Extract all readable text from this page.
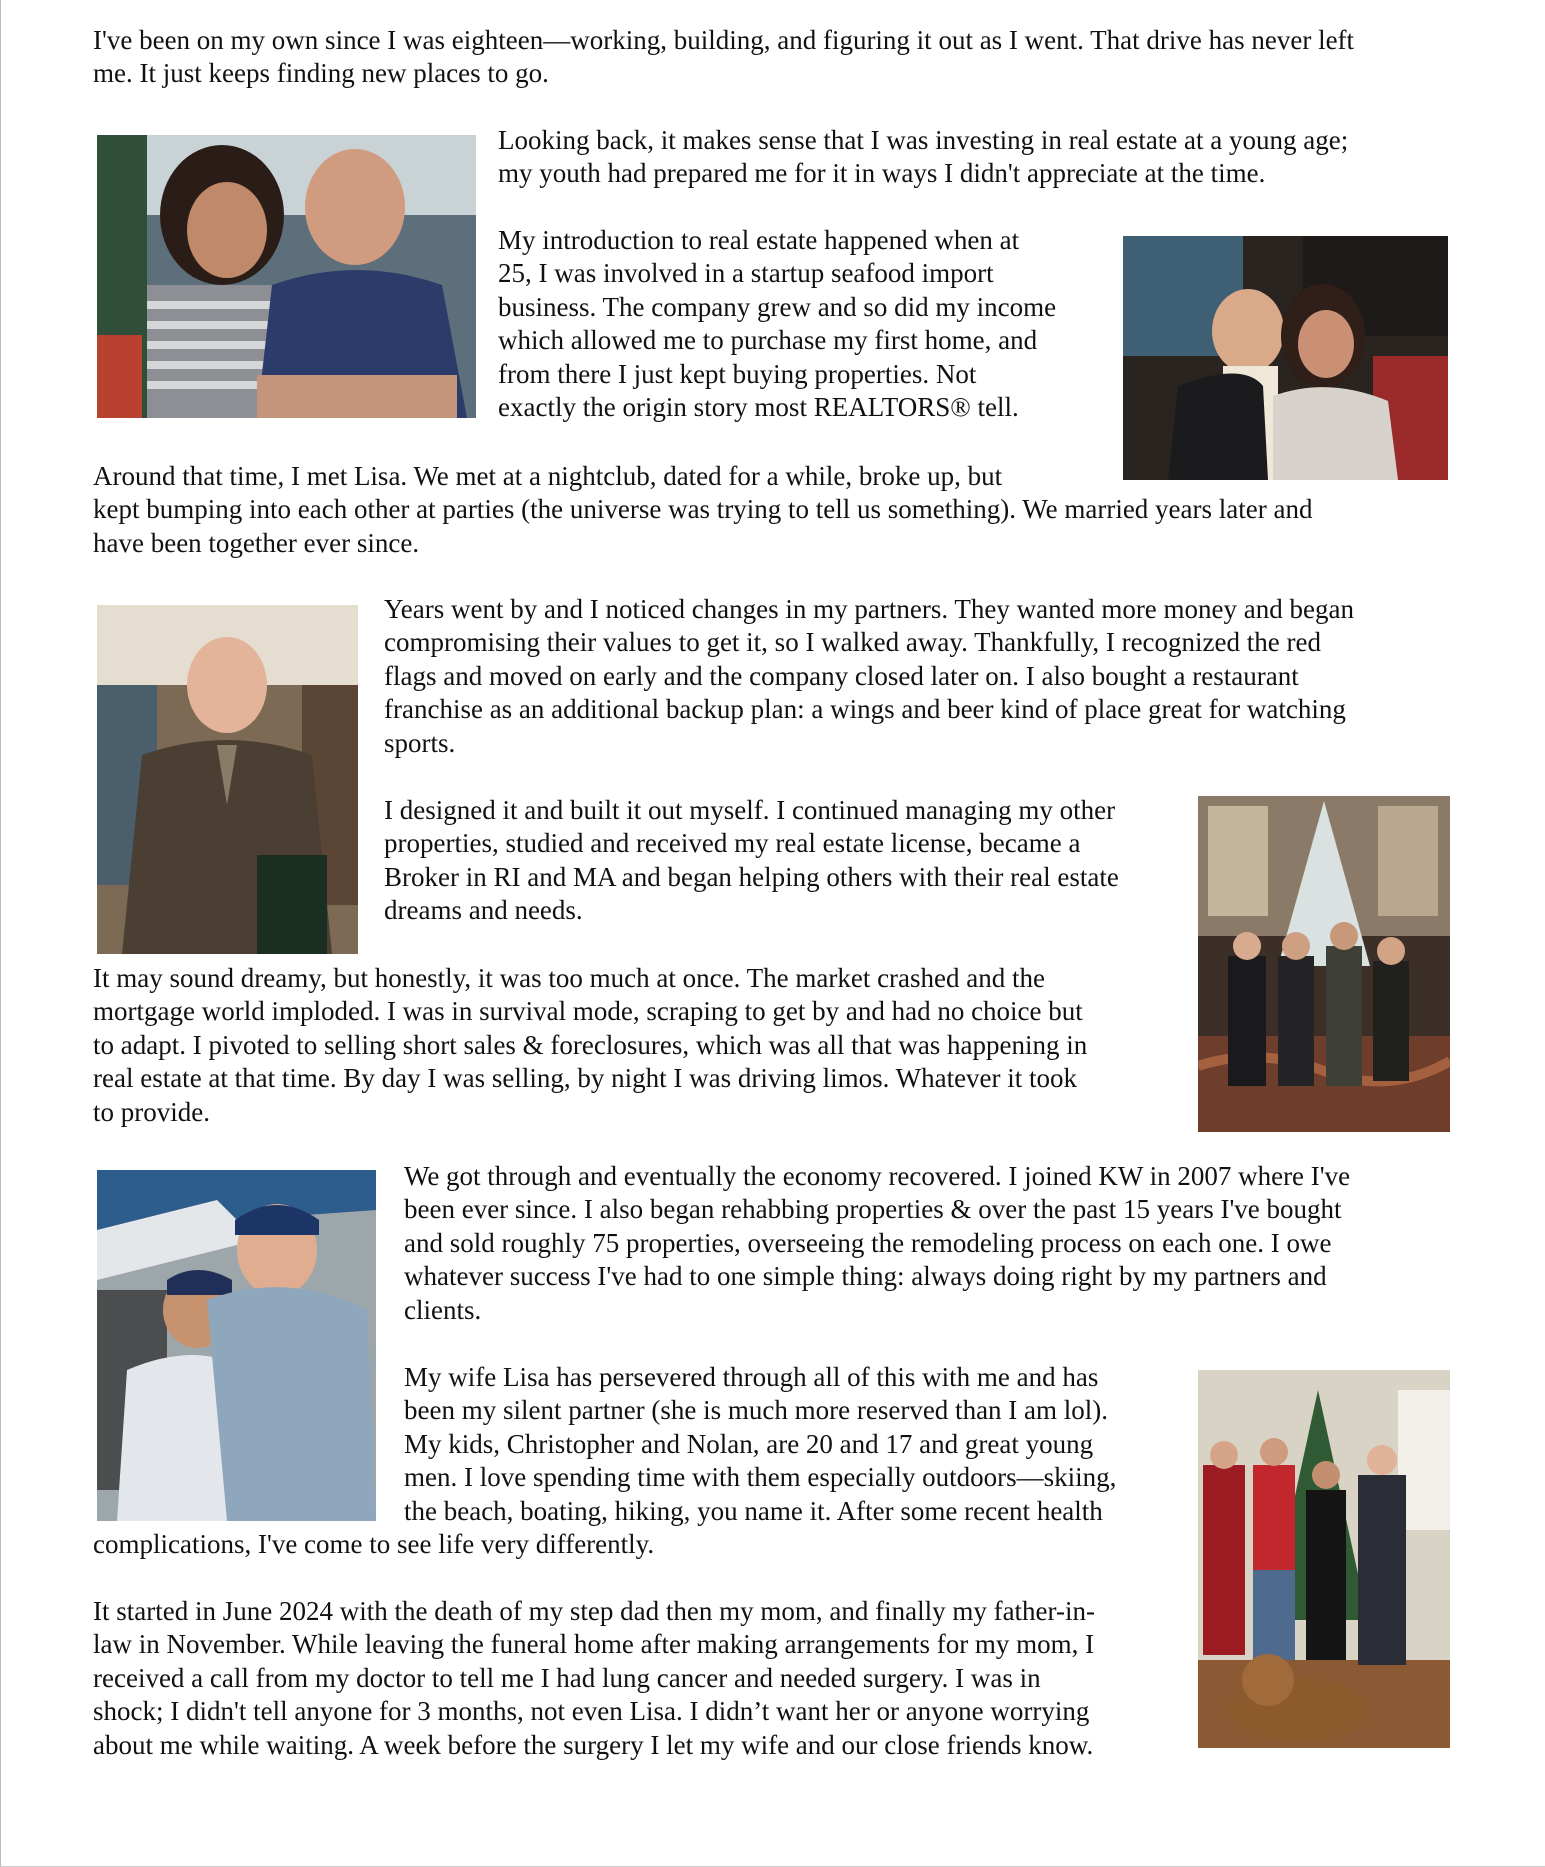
I've been on my own since I was eighteen—working, building, and figuring it out as I went. That drive has never left
me. It just keeps finding new places to go.

Looking back, it makes sense that I was investing in real estate at a young age;
my youth had prepared me for it in ways I didn't appreciate at the time.

My introduction to real estate happened when at
25, I was involved in a startup seafood import
business. The company grew and so did my income
which allowed me to purchase my first home, and
from there I just kept buying properties. Not
exactly the origin story most REALTORS® tell.

Around that time, I met Lisa. We met at a nightclub, dated for a while, broke up, but
kept bumping into each other at parties (the universe was trying to tell us something). We married years later and
have been together ever since.

Years went by and I noticed changes in my partners. They wanted more money and began
compromising their values to get it, so I walked away. Thankfully, I recognized the red
flags and moved on early and the company closed later on. I also bought a restaurant
franchise as an additional backup plan: a wings and beer kind of place great for watching
sports.

I designed it and built it out myself. I continued managing my other
properties, studied and received my real estate license, became a
Broker in RI and MA and began helping others with their real estate
dreams and needs.

It may sound dreamy, but honestly, it was too much at once. The market crashed and the
mortgage world imploded. I was in survival mode, scraping to get by and had no choice but
to adapt. I pivoted to selling short sales & foreclosures, which was all that was happening in
real estate at that time. By day I was selling, by night I was driving limos. Whatever it took
to provide.

We got through and eventually the economy recovered. I joined KW in 2007 where I've
been ever since. I also began rehabbing properties & over the past 15 years I've bought
and sold roughly 75 properties, overseeing the remodeling process on each one. I owe
whatever success I've had to one simple thing: always doing right by my partners and
clients.

My wife Lisa has persevered through all of this with me and has
been my silent partner (she is much more reserved than I am lol).
My kids, Christopher and Nolan, are 20 and 17 and great young
men. I love spending time with them especially outdoors—skiing,
the beach, boating, hiking, you name it. After some recent health

complications, I've come to see life very differently.

It started in June 2024 with the death of my step dad then my mom, and finally my father-in-
law in November. While leaving the funeral home after making arrangements for my mom, I
received a call from my doctor to tell me I had lung cancer and needed surgery. I was in
shock; I didn't tell anyone for 3 months, not even Lisa. I didn’t want her or anyone worrying
about me while waiting. A week before the surgery I let my wife and our close friends know.
